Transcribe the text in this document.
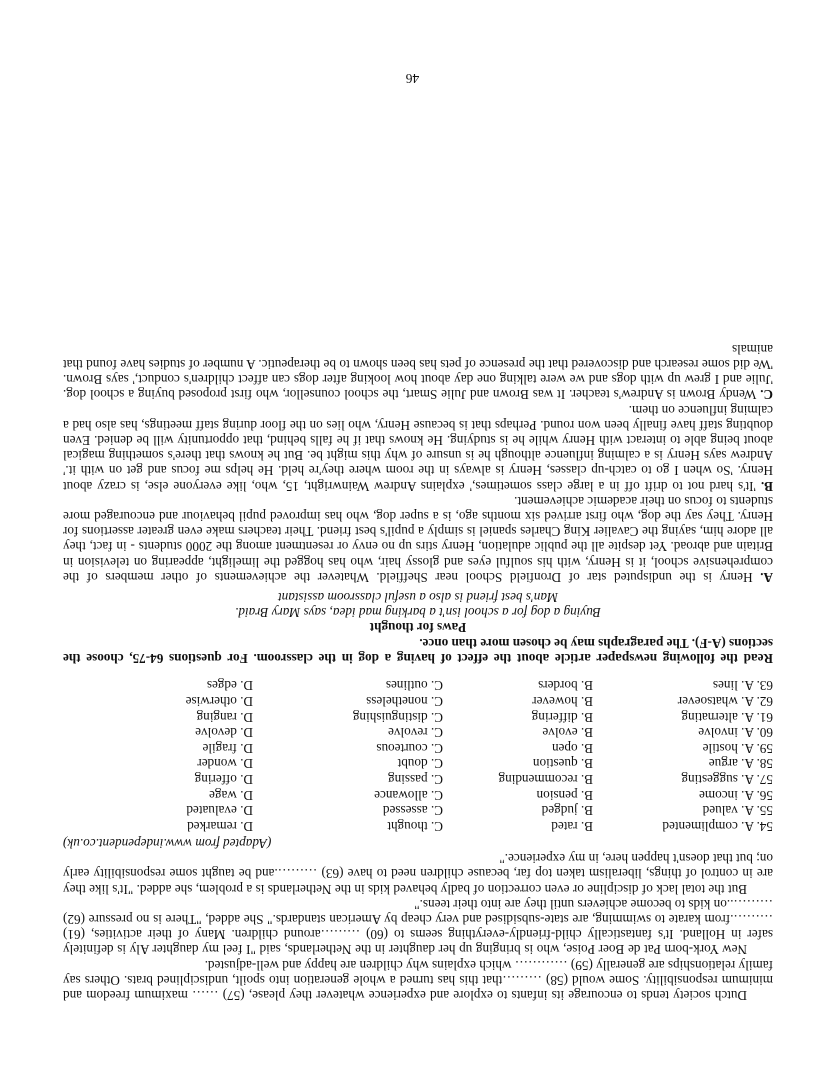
Dutch society tends to encourage its infants to explore and experience whatever they please, (57) …… maximum freedom and minimum responsibility. Some would (58) ………that this has turned a whole generation into spoilt, undisciplined brats. Others say family relationships are generally (59) ………… which explains why children are happy and well-adjusted.

New York-born Pat de Boer Poise, who is bringing up her daughter in the Netherlands, said "I feel my daughter Aly is definitely safer in Holland. It's fantastically child-friendly-everything seems to (60) ………around children. Many of their activities, (61) ……….from karate to swimming, are state-subsidised and very cheap by American standards." She added, "There is no pressure (62) ………..on kids to become achievers until they are into their teens."

But the total lack of discipline or even correction of badly behaved kids in the Netherlands is a problem, she added. "It's like they are in control of things, liberalism taken top far, because children need to have (63) ……….and be taught some responsibility early on; but that doesn't happen here, in my experience."

(Adapted from www.independent.co.uk)

54. A. complimented
B. rated
C. thought
D. remarked
55. A. valued
B. judged
C. assessed
D. evaluated
56. A. income
B. pension
C. allowance
D. wage
57. A. suggesting
B. recommending
C. passing
D. offering
58. A. argue
B. question
C. doubt
D. wonder
59. A. hostile
B. open
C. courteous
D. fragile
60. A. involve
B. evolve
C. revolve
D. devolve
61. A. alternating
B. differing
C. distinguishing
D. ranging
62. A. whatsoever
B. however
C. nonetheless
D. otherwise
63. A. lines
B. borders
C. outlines
D. edges

Read the following newspaper article about the effect of having a dog in the classroom. For questions 64-75, choose the sections (A-F). The paragraphs may be chosen more than once.

Paws for thought

Buying a dog for a school isn't a barking mad idea, says Mary Braid.

Man's best friend is also a useful classroom assistant

A. Henry is the undisputed star of Dronfield School near Sheffield. Whatever the achievements of other members of the comprehensive school, it is Henry, with his soulful eyes and glossy hair, who has hogged the limelight, appearing on television in Britain and abroad. Yet despite all the public adulation, Henry stirs up no envy or resentment among the 2000 students - in fact, they all adore him, saying the Cavalier King Charles spaniel is simply a pupil's best friend. Their teachers make even greater assertions for Henry. They say the dog, who first arrived six months ago, is a super dog, who has improved pupil behaviour and encouraged more students to focus on their academic achievement.

B. 'It's hard not to drift off in a large class sometimes,' explains Andrew Wainwright, 15, who, like everyone else, is crazy about Henry. 'So when I go to catch-up classes, Henry is always in the room where they're held. He helps me focus and get on with it.' Andrew says Henry is a calming influence although he is unsure of why this might be. But he knows that there's something magical about being able to interact with Henry while he is studying. He knows that if he falls behind, that opportunity will be denied. Even doubting staff have finally been won round. Perhaps that is because Henry, who lies on the floor during staff meetings, has also had a calming influence on them.

C. Wendy Brown is Andrew's teacher. It was Brown and Julie Smart, the school counsellor, who first proposed buying a school dog. 'Julie and I grew up with dogs and we were talking one day about how looking after dogs can affect children's conduct,' says Brown. 'We did some research and discovered that the presence of pets has been shown to be therapeutic. A number of studies have found that animals

46
